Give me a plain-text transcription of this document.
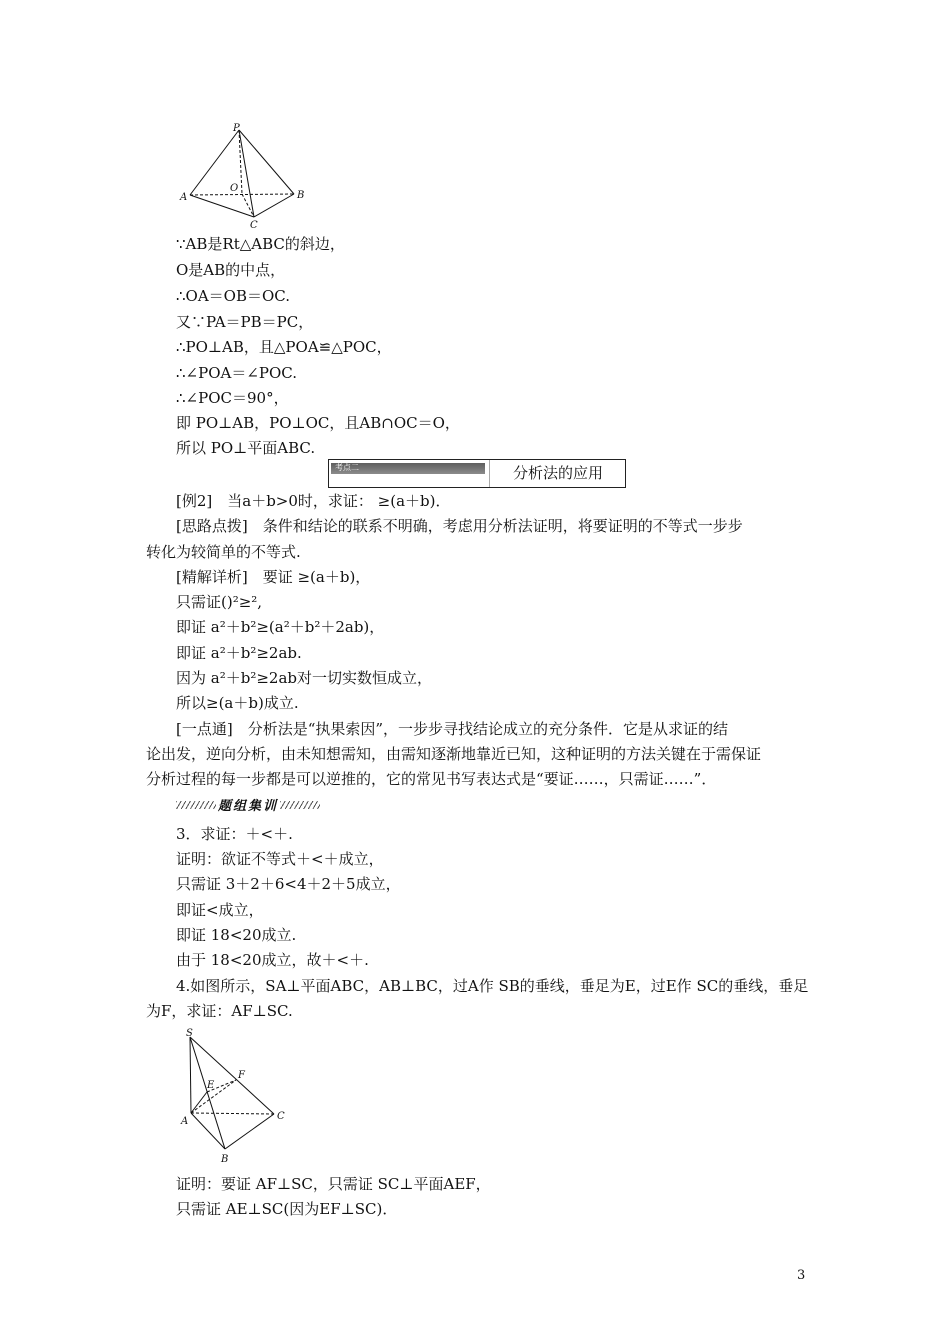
P
A	B
O
C
∵AB是Rt△ABC的斜边，
O是AB的中点，
∴OA＝OB＝OC.
又∵PA＝PB＝PC，
∴PO⊥AB，且△POA≌△POC，
∴∠POA＝∠POC.
∴∠POC＝90°，
即 PO⊥AB，PO⊥OC，且AB∩OC＝O，
所以 PO⊥平面ABC.
考点二	分析法的应用
[例2]　当a＋b>0时，求证： ≥(a＋b)．
[思路点拨]　条件和结论的联系不明确，考虑用分析法证明，将要证明的不等式一步步
转化为较简单的不等式.
[精解详析]　要证 ≥(a＋b)，
只需证()²≥²,
即证 a²＋b²≥(a²＋b²＋2ab)，
即证 a²＋b²≥2ab.
因为 a²＋b²≥2ab对一切实数恒成立，
所以≥(a＋b)成立.
[一点通]　分析法是“执果索因”，一步步寻找结论成立的充分条件．它是从求证的结
论出发，逆向分析，由未知想需知，由需知逐渐地靠近已知，这种证明的方法关键在于需保证
分析过程的每一步都是可以逆推的，它的常见书写表达式是“要证……，只需证……”．
题组集训
3．求证：＋<＋.
证明：欲证不等式＋<＋成立，
只需证 3＋2＋6<4＋2＋5成立，
即证<成立，
即证 18<20成立.
由于 18<20成立，故＋<＋.
4.如图所示，SA⊥平面ABC，AB⊥BC，过A作 SB的垂线，垂足为E，过E作 SC的垂线，垂足
为F，求证：AF⊥SC.
S
F
E
A	C
B
证明：要证 AF⊥SC，只需证 SC⊥平面AEF，
只需证 AE⊥SC(因为EF⊥SC)．
3
